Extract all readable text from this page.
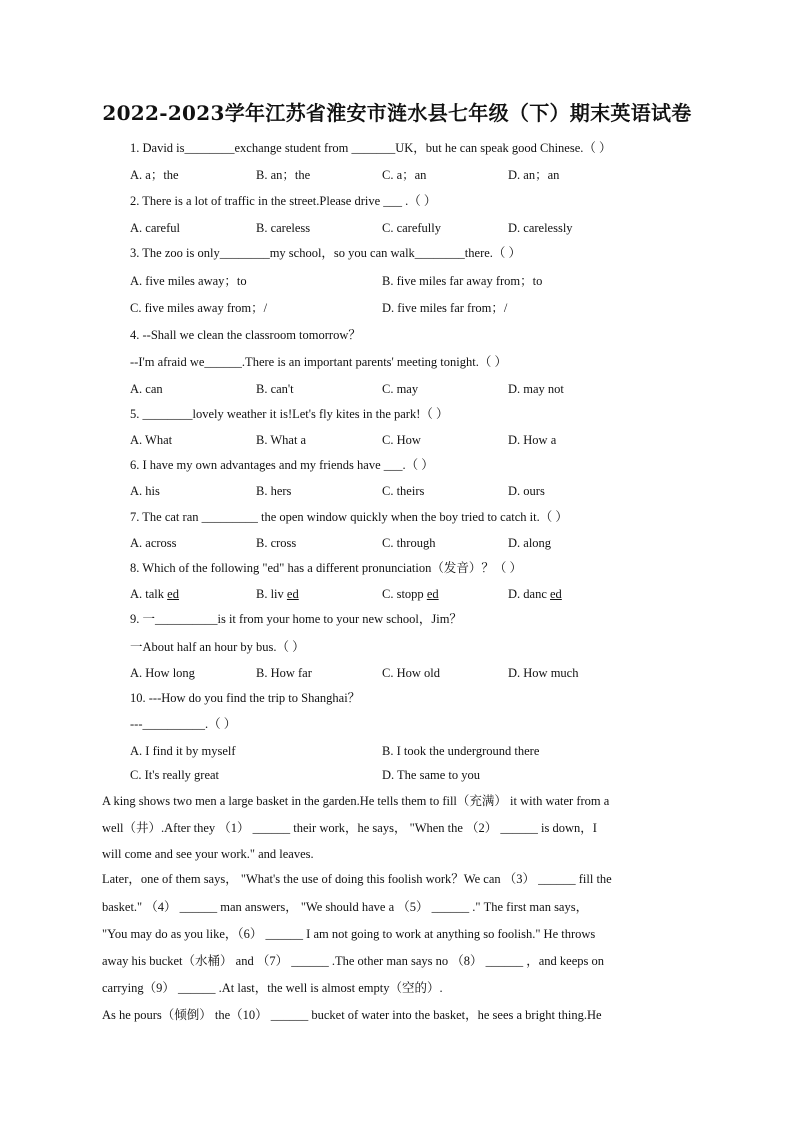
2022-2023学年江苏省淮安市涟水县七年级（下）期末英语试卷
1. David is________exchange student from _______UK，but he can speak good Chinese.（ ）
A. a；the	B. an；the	C. a；an	D. an；an
2. There is a lot of traffic in the street.Please drive ___ .（ ）
A. careful	B. careless	C. carefully	D. carelessly
3. The zoo is only________my school，so you can walk________there.（ ）
A. five miles away；to	B. five miles far away from；to
C. five miles away from；/	D. five miles far from；/
4. --Shall we clean the classroom tomorrow？
--I'm afraid we______.There is an important parents' meeting tonight.（ ）
A. can	B. can't	C. may	D. may not
5. ________lovely weather it is!Let's fly kites in the park!（ ）
A. What	B. What a	C. How	D. How a
6. I have my own advantages and my friends have ___.（ ）
A. his	B. hers	C. theirs	D. ours
7. The cat ran _________ the open window quickly when the boy tried to catch it.（ ）
A. across	B. cross	C. through	D. along
8. Which of the following "ed" has a different pronunciation（发音）？（ ）
A. talk ed	B. liv ed	C. stopp ed	D. danc ed
9. 一__________is it from your home to your new school，Jim？
一About half an hour by bus.（ ）
A. How long	B. How far	C. How old	D. How much
10. ---How do you find the trip to Shanghai？
---__________.（ ）
A. I find it by myself	B. I took the underground there
C. It's really great	D. The same to you
A king shows two men a large basket in the garden.He tells them to fill（充满） it with water from a
well（井）.After they （1） ______ their work，he says， "When the （2） ______ is down，I
will come and see your work." and leaves.
Later，one of them says， "What's the use of doing this foolish work？We can （3） ______ fill the
basket." （4） ______ man answers， "We should have a （5） ______ ." The first man says，
"You may do as you like，（6） ______ I am not going to work at anything so foolish." He throws
away his bucket（水桶） and （7） ______ .The other man says no （8） ______ ，and keeps on
carrying（9） ______ .At last，the well is almost empty（空的）.
As he pours（倾倒） the（10） ______ bucket of water into the basket，he sees a bright thing.He
